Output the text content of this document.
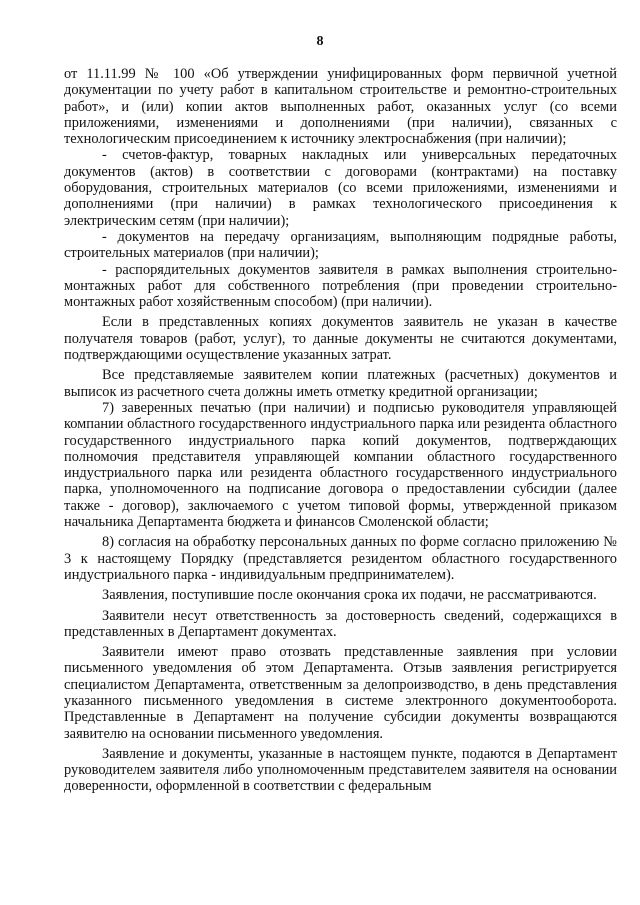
8

от 11.11.99 № 100 «Об утверждении унифицированных форм первичной учетной документации по учету работ в капитальном строительстве и ремонтно-строительных работ», и (или) копии актов выполненных работ, оказанных услуг (со всеми приложениями, изменениями и дополнениями (при наличии), связанных с технологическим присоединением к источнику электроснабжения (при наличии);

- счетов-фактур, товарных накладных или универсальных передаточных документов (актов) в соответствии с договорами (контрактами) на поставку оборудования, строительных материалов (со всеми приложениями, изменениями и дополнениями (при наличии) в рамках технологического присоединения к электрическим сетям (при наличии);

- документов на передачу организациям, выполняющим подрядные работы, строительных материалов (при наличии);

- распорядительных документов заявителя в рамках выполнения строительно-монтажных работ для собственного потребления (при проведении строительно-монтажных работ хозяйственным способом) (при наличии).

Если в представленных копиях документов заявитель не указан в качестве получателя товаров (работ, услуг), то данные документы не считаются документами, подтверждающими осуществление указанных затрат.

Все представляемые заявителем копии платежных (расчетных) документов и выписок из расчетного счета должны иметь отметку кредитной организации;

7) заверенных печатью (при наличии) и подписью руководителя управляющей компании областного государственного индустриального парка или резидента областного государственного индустриального парка копий документов, подтверждающих полномочия представителя управляющей компании областного государственного индустриального парка или резидента областного государственного индустриального парка, уполномоченного на подписание договора о предоставлении субсидии (далее также - договор), заключаемого с учетом типовой формы, утвержденной приказом начальника Департамента бюджета и финансов Смоленской области;

8) согласия на обработку персональных данных по форме согласно приложению № 3 к настоящему Порядку (представляется резидентом областного государственного индустриального парка - индивидуальным предпринимателем).

Заявления, поступившие после окончания срока их подачи, не рассматриваются.

Заявители несут ответственность за достоверность сведений, содержащихся в представленных в Департамент документах.

Заявители имеют право отозвать представленные заявления при условии письменного уведомления об этом Департамента. Отзыв заявления регистрируется специалистом Департамента, ответственным за делопроизводство, в день представления указанного письменного уведомления в системе электронного документооборота. Представленные в Департамент на получение субсидии документы возвращаются заявителю на основании письменного уведомления.

Заявление и документы, указанные в настоящем пункте, подаются в Департамент руководителем заявителя либо уполномоченным представителем заявителя на основании доверенности, оформленной в соответствии с федеральным
